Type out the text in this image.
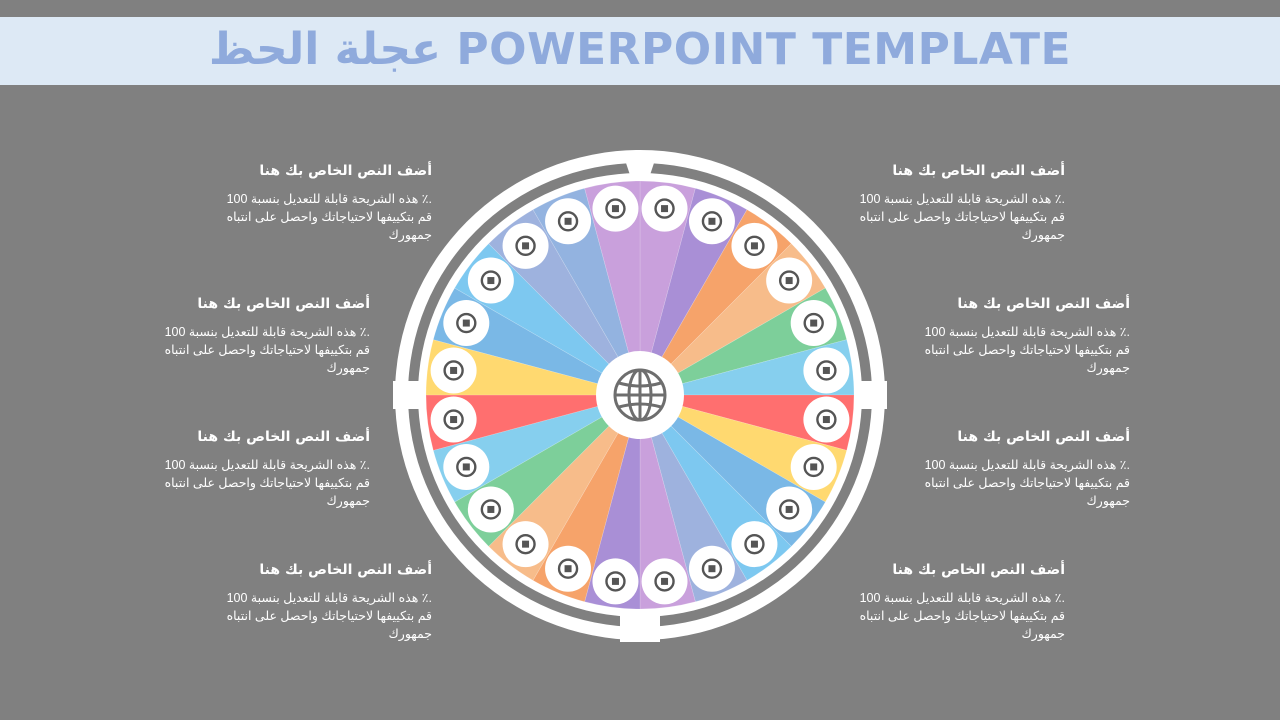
عجلة الحظ POWERPOINT TEMPLATE
أضف النص الخاص بك هنا
هذه الشريحة قابلة للتعديل بنسبة 100 ٪.
قم بتكييفها لاحتياجاتك واحصل على انتباه
جمهورك
أضف النص الخاص بك هنا
هذه الشريحة قابلة للتعديل بنسبة 100 ٪.
قم بتكييفها لاحتياجاتك واحصل على انتباه
جمهورك
أضف النص الخاص بك هنا
هذه الشريحة قابلة للتعديل بنسبة 100 ٪.
قم بتكييفها لاحتياجاتك واحصل على انتباه
جمهورك
أضف النص الخاص بك هنا
هذه الشريحة قابلة للتعديل بنسبة 100 ٪.
قم بتكييفها لاحتياجاتك واحصل على انتباه
جمهورك
أضف النص الخاص بك هنا
هذه الشريحة قابلة للتعديل بنسبة 100 ٪.
قم بتكييفها لاحتياجاتك واحصل على انتباه
جمهورك
أضف النص الخاص بك هنا
هذه الشريحة قابلة للتعديل بنسبة 100 ٪.
قم بتكييفها لاحتياجاتك واحصل على انتباه
جمهورك
أضف النص الخاص بك هنا
هذه الشريحة قابلة للتعديل بنسبة 100 ٪.
قم بتكييفها لاحتياجاتك واحصل على انتباه
جمهورك
أضف النص الخاص بك هنا
هذه الشريحة قابلة للتعديل بنسبة 100 ٪.
قم بتكييفها لاحتياجاتك واحصل على انتباه
جمهورك
